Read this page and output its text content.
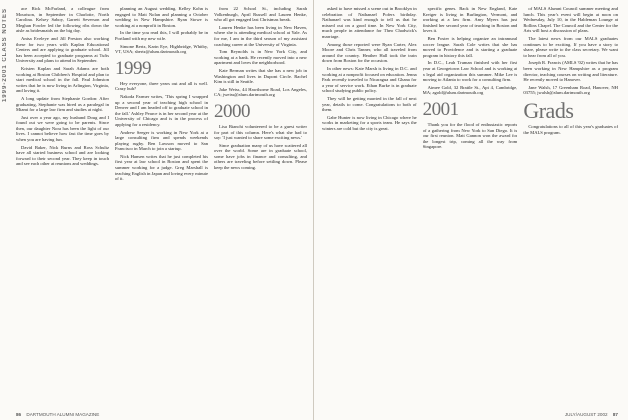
1999-2001 CLASS NOTES	ace Rick McFarland, a colleague from Mourison, in September in Charlotte, North Carolina. Kelsey Saboy, Garrett Severson and Meghan Fowler led the following ribs down the aisle as bridesmaids on the big day.

Anisa Eveleye and Jill Preston also working these for two years with Kaplan Educational Centers and are applying to graduate school. Jill has been accepted to graduate programs at Tufts University and plans to attend in September.

Kristen Kaplan and Sarah Adams are both working at Boston Children's Hospital and plan to start medical school in the fall. Paul Johnston writes that he is now living in Arlington, Virginia, and loving it.

A long update from Stephanie Gordon: After graduating, Stephanie was hired as a paralegal in Miami for a large law firm and studies at night.

Just over a year ago, my husband Doug and I found out we were going to be parents. Since then, our daughter Nora has been the light of our lives. I cannot believe how fast the time goes by when you are having fun.

David Baker, Nick Burns and Ross Schultz have all started business school and are looking forward to their second year. They keep in touch and see each other at reunions and weddings.

planning an August wedding. Kelley Kohn is engaged to Matt Nolan and planning a October wedding in New Hampshire. Ryan Stowe is working at a nonprofit in Boston.

In the time you read this, I will probably be in Portland with my new wife.

Simone Bertz, Karin Eye, Highbridge, Whitby, VT, USA; sbertz@alum.dartmouth.org

1999

Hey everyone, three years out and all is well. Crazy huh?

Nakoda Farmer writes, 'This spring I wrapped up a second year of teaching high school in Denver and I am headed off to graduate school in the fall.' Ashley Pearce is in her second year at the University of Chicago and is in the process of applying for a residency.

Andrew Seeger is working in New York at a large consulting firm and spends weekends playing rugby. Ben Lawson moved to San Francisco in March to join a startup.

Nick Hansen writes that he just completed his first year at law school in Boston and spent the summer working for a judge. Greg Marshall is teaching English in Japan and loving every minute of it.

from 22 School St., including Sarah Volkenburgh, April Russell and Lauren Henke, who all got engaged last Christmas break.

Lauren Henke has been living in New Haven, where she is attending medical school at Yale. As for me, I am in the third season of my assistant coaching career at the University of Virginia.

Tom Reynolds is in New York City, and working at a bank. He recently moved into a new apartment and loves the neighborhood.

Kate Berman writes that she has a new job in Washington and lives in Dupont Circle. Rachel Kim is still in Seattle.

Jake Weiss, 44 Hawthorne Road, Los Angeles, CA; jweiss@alum.dartmouth.org

2000

Lisa Bianchi volunteered to be a guest writer for part of this column. Here's what she had to say: 'I just wanted to share some exciting news.'

Since graduation many of us have scattered all over the world. Some are in graduate school, some have jobs in finance and consulting, and others are traveling before settling down. Please keep the news coming.

86 DARTMOUTH ALUMNI MAGAZINE

asked to have missed a scene out in Brooklyn in celebration of Nathanael Pofers birthday. Nathanael was kind enough to tell us that he missed out on a good time. In New York City, much people in attendance for Theo Chadwick's marriage.

Among those reported were Ryan Carter, Alex Moore and Chris Tanner, who all traveled from around the country. Heather Hall took the train down from Boston for the occasion.

In other news: Kate Marsh is living in D.C. and working at a nonprofit focused on education. Jenna Park recently traveled to Nicaragua and Ghana for a year of service work. Ethan Burke is in graduate school studying public policy.

They will be getting married in the fall of next year, details to come. Congratulations to both of them.

Gabe Hunter is now living in Chicago where he works in marketing for a sports team. He says the winters are cold but the city is great.

specific genes. Back in New England, Kate Kreiger is living in Burlington, Vermont, and working at a law firm. Amy Myers has just finished her second year of teaching in Boston and loves it.

Ben Foster is helping organize an intramural soccer league. Sarah Cole writes that she has moved to Providence and is starting a graduate program in history this fall.

In D.C., Leah Truman finished with her first year at Georgetown Law School and is working at a legal aid organization this summer. Mike Lee is moving to Atlanta to work for a consulting firm.

Aimee Gold, 32 Brattle St., Apt 4, Cambridge, MA; agold@alum.dartmouth.org

2001

Thank you for the flood of enthusiastic reports of a gathering from New York to San Diego. It is our first reunion. Matt Gannon won the award for the longest trip, coming all the way from Singapore.

of MALS Alumni Council summer meeting and lunch. This year's event will begin at noon on Wednesday, July 10, in the Haldeman Lounge at Rollins Chapel. The Council and the Center for the Arts will host a discussion of plans.

The latest news from our MALS graduates continues to be exciting. If you have a story to share, please write to the class secretary. We want to hear from all of you.

Joseph R. Francis (AMLS '02) writes that he has been working in New Hampshire as a program director, teaching courses on writing and literature. He recently moved to Hanover.

Jane Walsh, 17 Greenham Road, Hanover, NH 03755; jwalsh@alum.dartmouth.org

Grads

Congratulations to all of this year's graduates of the MALS program.

JULY/AUGUST 2002 87
